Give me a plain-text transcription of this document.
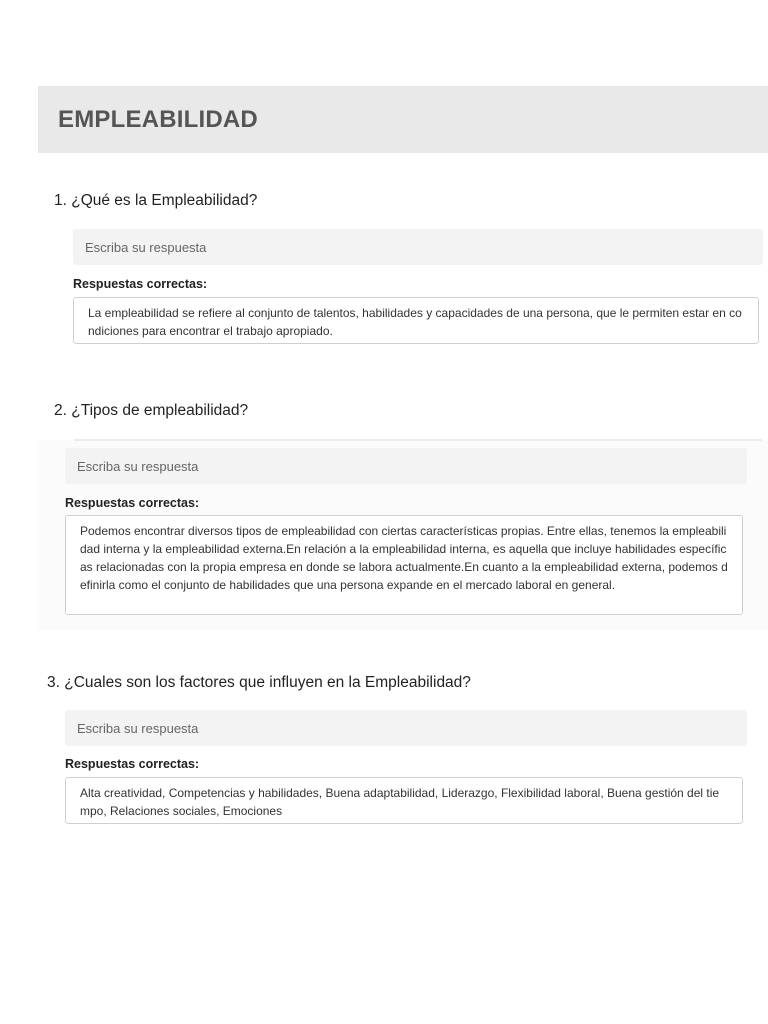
EMPLEABILIDAD
1. ¿Qué es la Empleabilidad?
Escriba su respuesta
Respuestas correctas:
La empleabilidad se refiere al conjunto de talentos, habilidades y capacidades de una persona, que le permiten estar en condiciones para encontrar el trabajo apropiado.
2. ¿Tipos de empleabilidad?
Escriba su respuesta
Respuestas correctas:
Podemos encontrar diversos tipos de empleabilidad con ciertas características propias. Entre ellas, tenemos la empleabilidad interna y la empleabilidad externa.En relación a la empleabilidad interna, es aquella que incluye habilidades específicas relacionadas con la propia empresa en donde se labora actualmente.En cuanto a la empleabilidad externa, podemos definirla como el conjunto de habilidades que una persona expande en el mercado laboral en general.
3. ¿Cuales son los factores que influyen en la Empleabilidad?
Escriba su respuesta
Respuestas correctas:
Alta creatividad, Competencias y habilidades, Buena adaptabilidad, Liderazgo, Flexibilidad laboral, Buena gestión del tiempo, Relaciones sociales, Emociones
